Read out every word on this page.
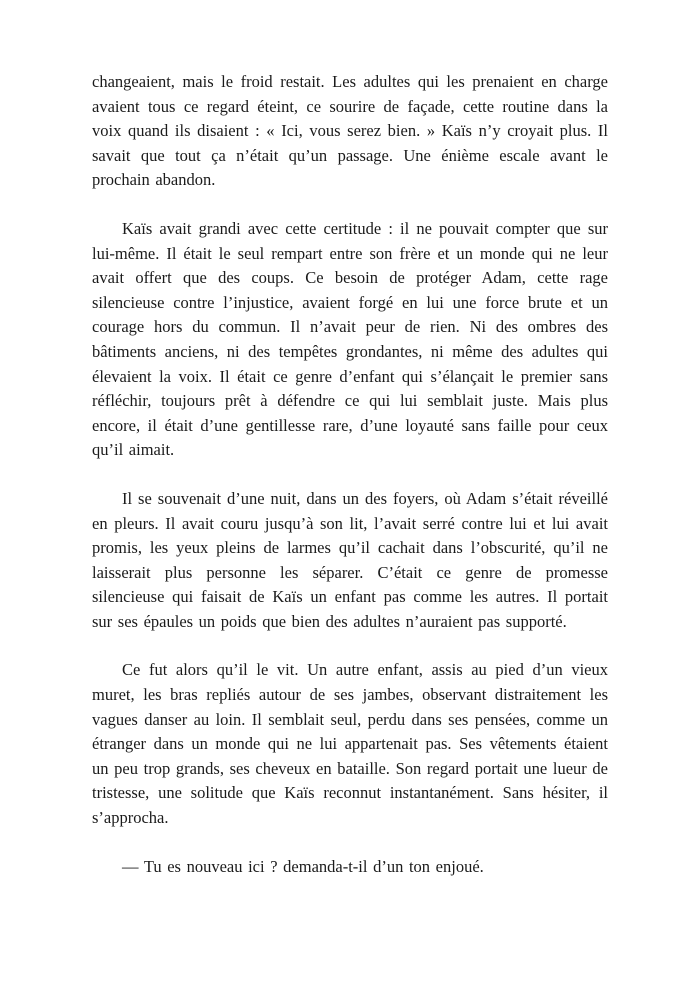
changeaient, mais le froid restait. Les adultes qui les prenaient en charge avaient tous ce regard éteint, ce sourire de façade, cette routine dans la voix quand ils disaient : « Ici, vous serez bien. » Kaïs n’y croyait plus. Il savait que tout ça n’était qu’un passage. Une énième escale avant le prochain abandon.

Kaïs avait grandi avec cette certitude : il ne pouvait compter que sur lui-même. Il était le seul rempart entre son frère et un monde qui ne leur avait offert que des coups. Ce besoin de protéger Adam, cette rage silencieuse contre l’injustice, avaient forgé en lui une force brute et un courage hors du commun. Il n’avait peur de rien. Ni des ombres des bâtiments anciens, ni des tempêtes grondantes, ni même des adultes qui élevaient la voix. Il était ce genre d’enfant qui s’élançait le premier sans réfléchir, toujours prêt à défendre ce qui lui semblait juste. Mais plus encore, il était d’une gentillesse rare, d’une loyauté sans faille pour ceux qu’il aimait.

Il se souvenait d’une nuit, dans un des foyers, où Adam s’était réveillé en pleurs. Il avait couru jusqu’à son lit, l’avait serré contre lui et lui avait promis, les yeux pleins de larmes qu’il cachait dans l’obscurité, qu’il ne laisserait plus personne les séparer. C’était ce genre de promesse silencieuse qui faisait de Kaïs un enfant pas comme les autres. Il portait sur ses épaules un poids que bien des adultes n’auraient pas supporté.

Ce fut alors qu’il le vit. Un autre enfant, assis au pied d’un vieux muret, les bras repliés autour de ses jambes, observant distraitement les vagues danser au loin. Il semblait seul, perdu dans ses pensées, comme un étranger dans un monde qui ne lui appartenait pas. Ses vêtements étaient un peu trop grands, ses cheveux en bataille. Son regard portait une lueur de tristesse, une solitude que Kaïs reconnut instantanément. Sans hésiter, il s’approcha.

— Tu es nouveau ici ? demanda-t-il d’un ton enjoué.
